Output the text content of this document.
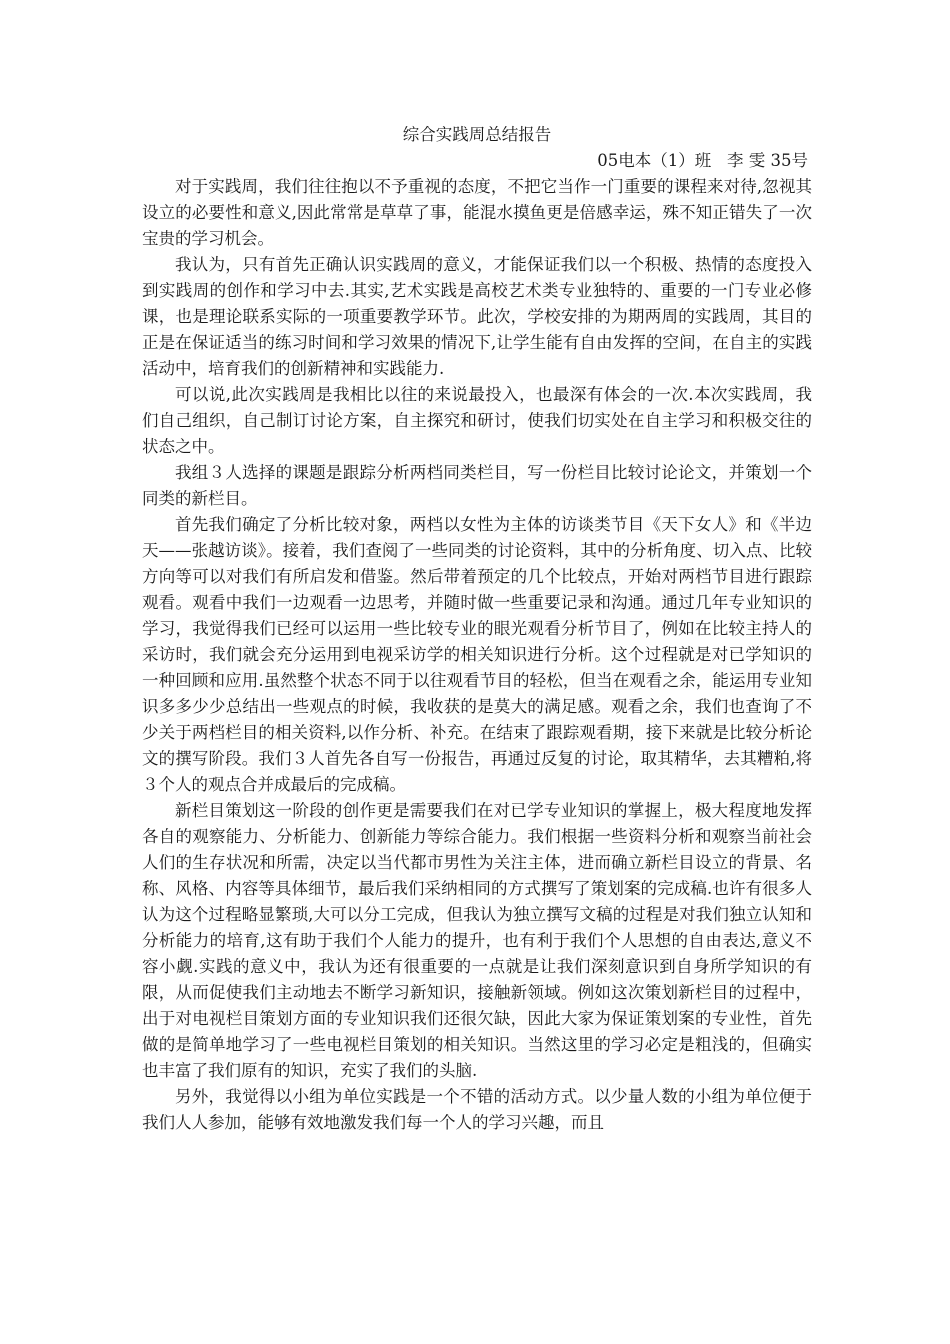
综合实践周总结报告

05电本（1）班   李 雯 35号

对于实践周，我们往往抱以不予重视的态度，不把它当作一门重要的课程来对待,忽视其设立的必要性和意义,因此常常是草草了事，能混水摸鱼更是倍感幸运，殊不知正错失了一次宝贵的学习机会。

我认为，只有首先正确认识实践周的意义，才能保证我们以一个积极、热情的态度投入到实践周的创作和学习中去.其实,艺术实践是高校艺术类专业独特的、重要的一门专业必修课，也是理论联系实际的一项重要教学环节。此次，学校安排的为期两周的实践周，其目的正是在保证适当的练习时间和学习效果的情况下,让学生能有自由发挥的空间，在自主的实践活动中，培育我们的创新精神和实践能力.

可以说,此次实践周是我相比以往的来说最投入，也最深有体会的一次.本次实践周，我们自己组织，自己制订讨论方案，自主探究和研讨，使我们切实处在自主学习和积极交往的状态之中。

我组３人选择的课题是跟踪分析两档同类栏目，写一份栏目比较讨论论文，并策划一个同类的新栏目。

首先我们确定了分析比较对象，两档以女性为主体的访谈类节目《天下女人》和《半边天——张越访谈》。接着，我们查阅了一些同类的讨论资料，其中的分析角度、切入点、比较方向等可以对我们有所启发和借鉴。然后带着预定的几个比较点，开始对两档节目进行跟踪观看。观看中我们一边观看一边思考，并随时做一些重要记录和沟通。通过几年专业知识的学习，我觉得我们已经可以运用一些比较专业的眼光观看分析节目了，例如在比较主持人的采访时，我们就会充分运用到电视采访学的相关知识进行分析。这个过程就是对已学知识的一种回顾和应用.虽然整个状态不同于以往观看节目的轻松，但当在观看之余，能运用专业知识多多少少总结出一些观点的时候，我收获的是莫大的满足感。观看之余，我们也查询了不少关于两档栏目的相关资料,以作分析、补充。在结束了跟踪观看期，接下来就是比较分析论文的撰写阶段。我们３人首先各自写一份报告，再通过反复的讨论，取其精华，去其糟粕,将３个人的观点合并成最后的完成稿。

新栏目策划这一阶段的创作更是需要我们在对已学专业知识的掌握上，极大程度地发挥各自的观察能力、分析能力、创新能力等综合能力。我们根据一些资料分析和观察当前社会人们的生存状况和所需，决定以当代都市男性为关注主体，进而确立新栏目设立的背景、名称、风格、内容等具体细节，最后我们采纳相同的方式撰写了策划案的完成稿.也许有很多人认为这个过程略显繁琐,大可以分工完成，但我认为独立撰写文稿的过程是对我们独立认知和分析能力的培育,这有助于我们个人能力的提升，也有利于我们个人思想的自由表达,意义不容小觑.实践的意义中，我认为还有很重要的一点就是让我们深刻意识到自身所学知识的有限，从而促使我们主动地去不断学习新知识，接触新领域。例如这次策划新栏目的过程中，出于对电视栏目策划方面的专业知识我们还很欠缺，因此大家为保证策划案的专业性，首先做的是简单地学习了一些电视栏目策划的相关知识。当然这里的学习必定是粗浅的，但确实也丰富了我们原有的知识，充实了我们的头脑.

另外，我觉得以小组为单位实践是一个不错的活动方式。以少量人数的小组为单位便于我们人人参加，能够有效地激发我们每一个人的学习兴趣，而且
